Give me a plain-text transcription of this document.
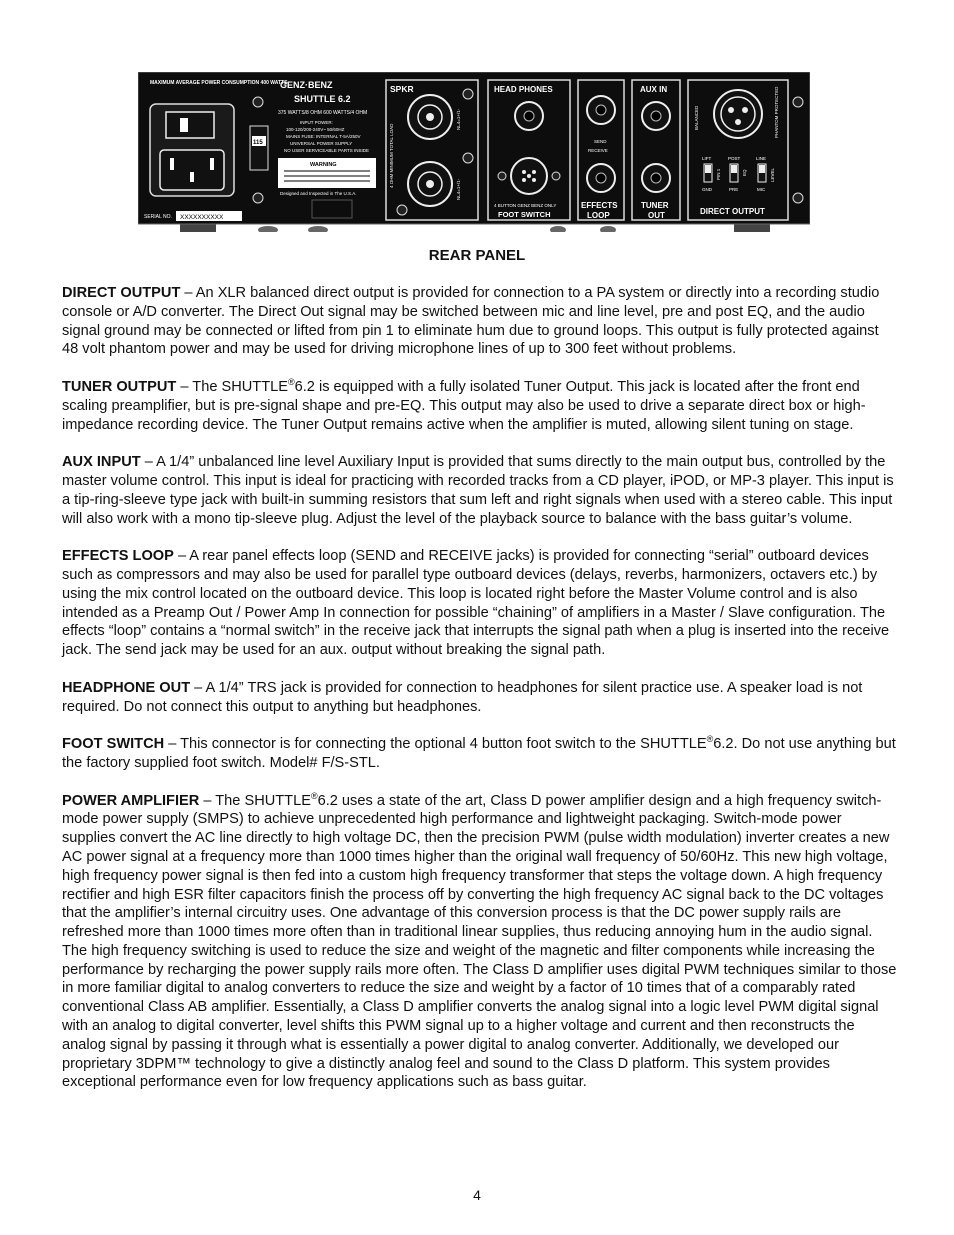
MAXIMUM AVERAGE POWER CONSUMPTION 400 WATTS
SERIAL NO. XXXXXXXXXX
115
GENZ·BENZ
SHUTTLE 6.2
375 WATTS/8 OHM 600 WATTS/4 OHM
INPUT POWER:
100-120/200-240V~ 50/60HZ
MAINS FUSE: INTERNAL T-5A/250V
UNIVERSAL POWER SUPPLY
NO USER SERVICEABLE PARTS INSIDE
WARNING
Designed and Inspected in The U.S.A.
SPKR
4 OHM MINIMUM TOTAL LOAD
NL4=1+/1-
NL4=1+/1-
HEAD PHONES
4 BUTTON GENZ BENZ ONLY
FOOT SWITCH
SEND
RECEIVE
EFFECTS
LOOP
AUX IN
TUNER
OUT
BALANCED	PHANTOM PROTECTED
LIFT	POST	LINE
PIN 1	EQ	LEVEL
GND	PRE	MIC
DIRECT OUTPUT
REAR PANEL

DIRECT OUTPUT – An XLR balanced direct output is provided for connection to a PA system or directly into a recording studio console or A/D converter. The Direct Out signal may be switched between mic and line level, pre and post EQ, and the audio signal ground may be connected or lifted from pin 1 to eliminate hum due to ground loops. This output is fully protected against 48 volt phantom power and may be used for driving microphone lines of up to 300 feet without problems.

TUNER OUTPUT – The SHUTTLE®6.2 is equipped with a fully isolated Tuner Output. This jack is located after the front end scaling preamplifier, but is pre-signal shape and pre-EQ. This output may also be used to drive a separate direct box or high-impedance recording device. The Tuner Output remains active when the amplifier is muted, allowing silent tuning on stage.

AUX INPUT – A 1/4” unbalanced line level Auxiliary Input is provided that sums directly to the main output bus, controlled by the master volume control. This input is ideal for practicing with recorded tracks from a CD player, iPOD, or MP-3 player. This input is a tip-ring-sleeve type jack with built-in summing resistors that sum left and right signals when used with a stereo cable. This input will also work with a mono tip-sleeve plug. Adjust the level of the playback source to balance with the bass guitar’s volume.

EFFECTS LOOP – A rear panel effects loop (SEND and RECEIVE jacks) is provided for connecting “serial” outboard devices such as compressors and may also be used for parallel type outboard devices (delays, reverbs, harmonizers, octavers etc.) by using the mix control located on the outboard device. This loop is located right before the Master Volume control and is also intended as a Preamp Out / Power Amp In connection for possible “chaining” of amplifiers in a Master / Slave configuration. The effects “loop” contains a “normal switch” in the receive jack that interrupts the signal path when a plug is inserted into the receive jack. The send jack may be used for an aux. output without breaking the signal path.

HEADPHONE OUT – A 1/4” TRS jack is provided for connection to headphones for silent practice use. A speaker load is not required. Do not connect this output to anything but headphones.

FOOT SWITCH – This connector is for connecting the optional 4 button foot switch to the SHUTTLE®6.2. Do not use anything but the factory supplied foot switch. Model# F/S-STL.

POWER AMPLIFIER – The SHUTTLE®6.2 uses a state of the art, Class D power amplifier design and a high frequency switch-mode power supply (SMPS) to achieve unprecedented high performance and lightweight packaging. Switch-mode power supplies convert the AC line directly to high voltage DC, then the precision PWM (pulse width modulation) inverter creates a new AC power signal at a frequency more than 1000 times higher than the original wall frequency of 50/60Hz. This new high voltage, high frequency power signal is then fed into a custom high frequency transformer that steps the voltage down. A high frequency rectifier and high ESR filter capacitors finish the process off by converting the high frequency AC signal back to the DC voltages that the amplifier’s internal circuitry uses. One advantage of this conversion process is that the DC power supply rails are refreshed more than 1000 times more often than in traditional linear supplies, thus reducing annoying hum in the audio signal. The high frequency switching is used to reduce the size and weight of the magnetic and filter components while increasing the performance by recharging the power supply rails more often. The Class D amplifier uses digital PWM techniques similar to those in more familiar digital to analog converters to reduce the size and weight by a factor of 10 times that of a comparably rated conventional Class AB amplifier. Essentially, a Class D amplifier converts the analog signal into a logic level PWM digital signal with an analog to digital converter, level shifts this PWM signal up to a higher voltage and current and then reconstructs the analog signal by passing it through what is essentially a power digital to analog converter. Additionally, we developed our proprietary 3DPM™ technology to give a distinctly analog feel and sound to the Class D platform. This system provides exceptional performance even for low frequency applications such as bass guitar.

4
